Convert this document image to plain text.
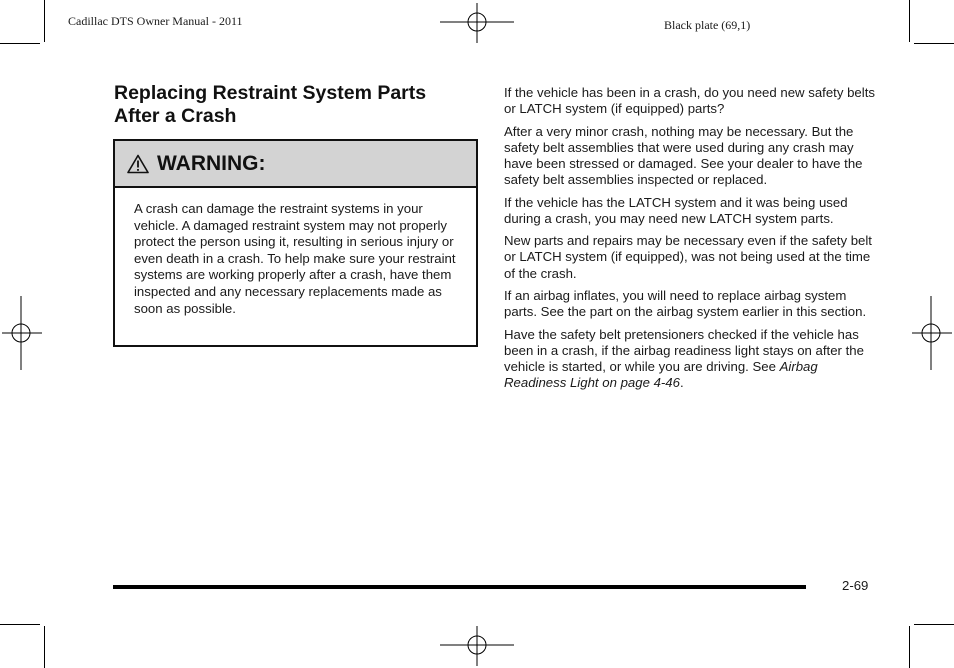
Cadillac DTS Owner Manual - 2011	Black plate (69,1)
Replacing Restraint System Parts After a Crash
WARNING:
A crash can damage the restraint systems in your vehicle. A damaged restraint system may not properly protect the person using it, resulting in serious injury or even death in a crash. To help make sure your restraint systems are working properly after a crash, have them inspected and any necessary replacements made as soon as possible.

If the vehicle has been in a crash, do you need new safety belts or LATCH system (if equipped) parts?

After a very minor crash, nothing may be necessary. But the safety belt assemblies that were used during any crash may have been stressed or damaged. See your dealer to have the safety belt assemblies inspected or replaced.

If the vehicle has the LATCH system and it was being used during a crash, you may need new LATCH system parts.

New parts and repairs may be necessary even if the safety belt or LATCH system (if equipped), was not being used at the time of the crash.

If an airbag inflates, you will need to replace airbag system parts. See the part on the airbag system earlier in this section.

Have the safety belt pretensioners checked if the vehicle has been in a crash, if the airbag readiness light stays on after the vehicle is started, or while you are driving. See Airbag Readiness Light on page 4-46.

2-69
